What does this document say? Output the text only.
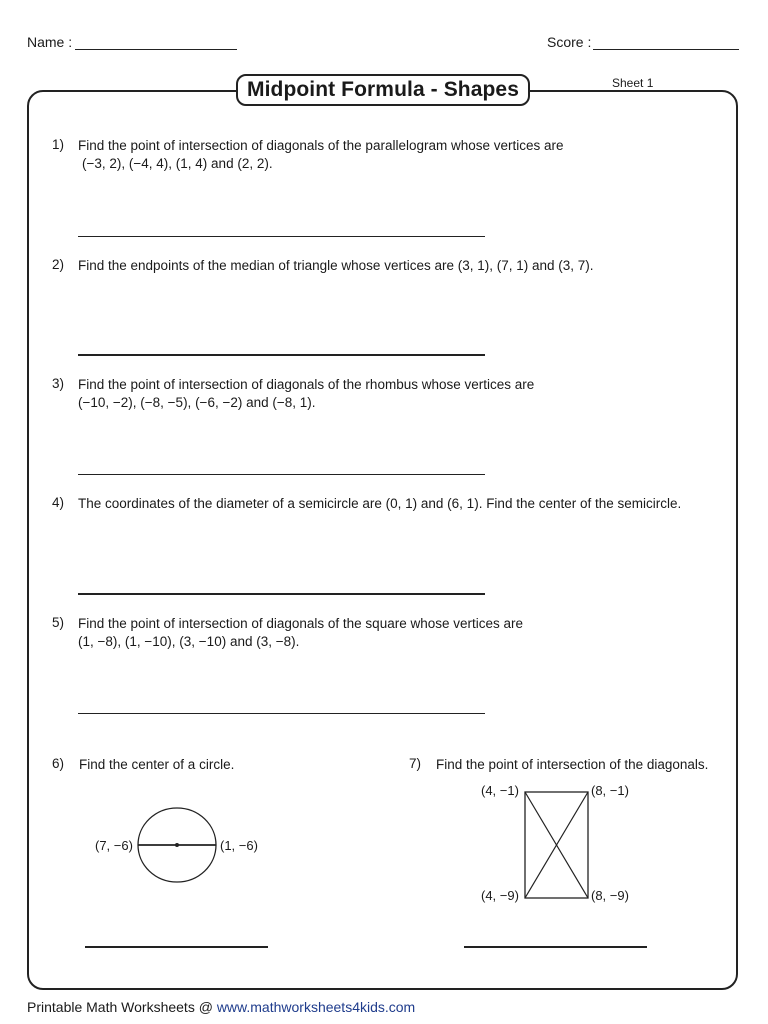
Name :	Score :
Midpoint Formula - Shapes	Sheet 1
1) Find the point of intersection of diagonals of the parallelogram whose vertices are
(−3, 2), (−4, 4), (1, 4) and (2, 2).
2) Find the endpoints of the median of triangle whose vertices are (3, 1), (7, 1) and (3, 7).
3) Find the point of intersection of diagonals of the rhombus whose vertices are
(−10, −2), (−8, −5), (−6, −2) and (−8, 1).
4) The coordinates of the diameter of a semicircle are (0, 1) and (6, 1). Find the center of the semicircle.
5) Find the point of intersection of diagonals of the square whose vertices are
(1, −8), (1, −10), (3, −10) and (3, −8).
6) Find the center of a circle.
(7, −6)	(1, −6)
7) Find the point of intersection of the diagonals.
(4, −1)	(8, −1)
(4, −9)	(8, −9)
Printable Math Worksheets @ www.mathworksheets4kids.com
